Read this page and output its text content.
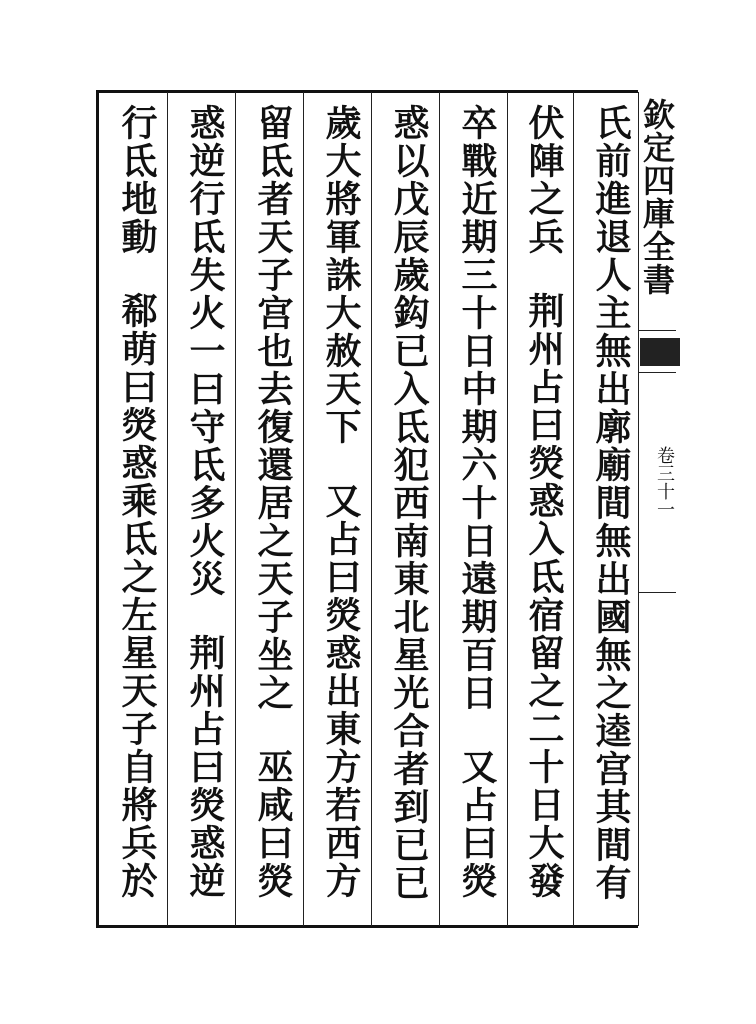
氏前進退人主無出廓廟間無出國無之逵宫其間有
伏陣之兵荆州占曰熒惑入氐宿留之二十日大發
卒戰近期三十日中期六十日遠期百日又占曰熒
惑以戊辰歲鈎已入氐犯西南東北星光合者到已已
歲大將軍誅大赦天下又占曰熒惑出東方若西方
留氐者天子宫也去復還居之天子坐之巫咸曰熒
惑逆行氐失火一曰守氐多火災荆州占曰熒惑逆
行氐地動郗萌曰熒惑乘氐之左星天子自將兵於
欽定四庫全書
卷三十一
